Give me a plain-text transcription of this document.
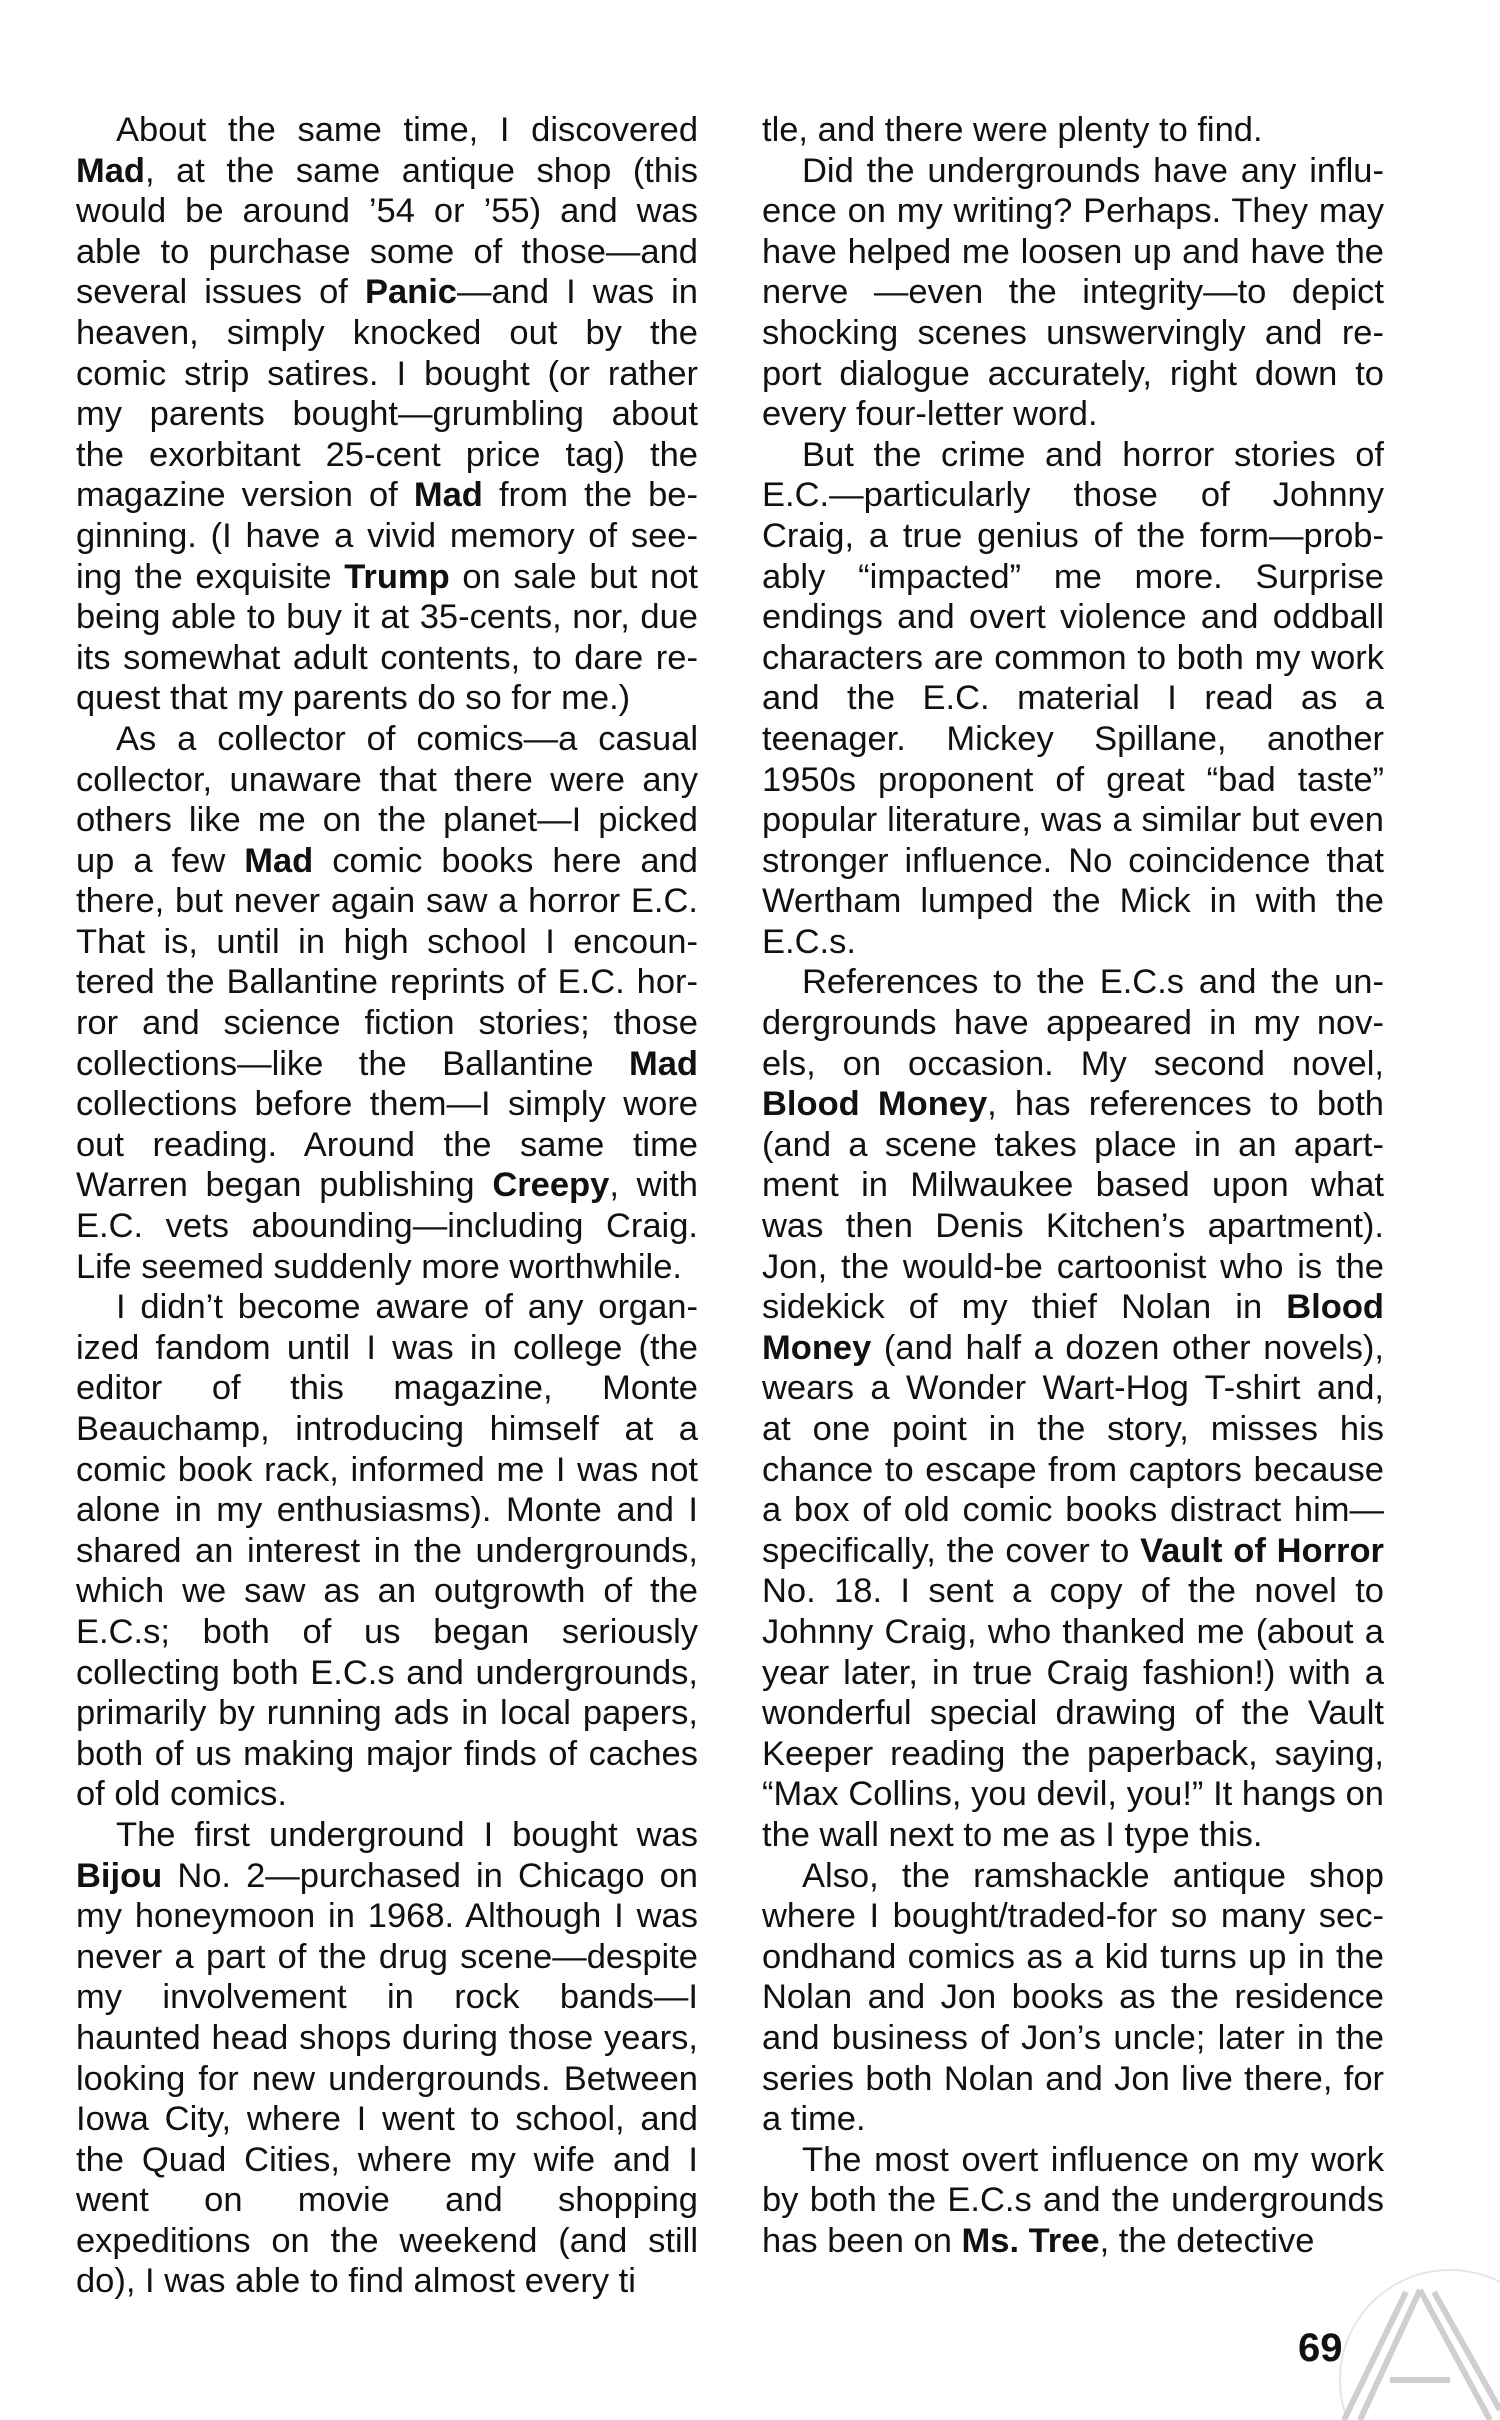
About the same time, I discovered Mad, at the same antique shop (this would be around ’54 or ’55) and was able to purchase some of those—and several issues of Panic—and I was in heaven, simply knocked out by the comic strip satires. I bought (or rather my parents bought—grumbling about the exorbitant 25-cent price tag) the magazine version of Mad from the beginning. (I have a vivid memory of seeing the exquisite Trump on sale but not being able to buy it at 35-cents, nor, due its somewhat adult contents, to dare request that my parents do so for me.)

As a collector of comics—a casual collector, unaware that there were any others like me on the planet—I picked up a few Mad comic books here and there, but never again saw a horror E.C. That is, until in high school I encountered the Ballantine reprints of E.C. horror and science fiction stories; those collections—like the Ballantine Mad collections before them—I simply wore out reading. Around the same time Warren began publishing Creepy, with E.C. vets abounding—including Craig. Life seemed suddenly more worthwhile.

I didn’t become aware of any organized fandom until I was in college (the editor of this magazine, Monte Beauchamp, introducing himself at a comic book rack, informed me I was not alone in my enthusiasms). Monte and I shared an interest in the undergrounds, which we saw as an outgrowth of the E.C.s; both of us began seriously collecting both E.C.s and undergrounds, primarily by running ads in local papers, both of us making major finds of caches of old comics.

The first underground I bought was Bijou No. 2—purchased in Chicago on my honeymoon in 1968. Although I was never a part of the drug scene—despite my involvement in rock bands—I haunted head shops during those years, looking for new undergrounds. Between Iowa City, where I went to school, and the Quad Cities, where my wife and I went on movie and shopping expeditions on the weekend (and still do), I was able to find almost every ti

tle, and there were plenty to find.

Did the undergrounds have any influence on my writing? Perhaps. They may have helped me loosen up and have the nerve —even the integrity—to depict shocking scenes unswervingly and report dialogue accurately, right down to every four-letter word.

But the crime and horror stories of E.C.—particularly those of Johnny Craig, a true genius of the form—probably “impacted” me more. Surprise endings and overt violence and oddball characters are common to both my work and the E.C. material I read as a teenager. Mickey Spillane, another 1950s proponent of great “bad taste” popular literature, was a similar but even stronger influence. No coincidence that Wertham lumped the Mick in with the E.C.s.

References to the E.C.s and the undergrounds have appeared in my novels, on occasion. My second novel, Blood Money, has references to both (and a scene takes place in an apartment in Milwaukee based upon what was then Denis Kitchen’s apartment). Jon, the would-be cartoonist who is the sidekick of my thief Nolan in Blood Money (and half a dozen other novels), wears a Wonder Wart-Hog T-shirt and, at one point in the story, misses his chance to escape from captors because a box of old comic books distract him—specifically, the cover to Vault of Horror No. 18. I sent a copy of the novel to Johnny Craig, who thanked me (about a year later, in true Craig fashion!) with a wonderful special drawing of the Vault Keeper reading the paperback, saying, “Max Collins, you devil, you!” It hangs on the wall next to me as I type this.

Also, the ramshackle antique shop where I bought/traded-for so many secondhand comics as a kid turns up in the Nolan and Jon books as the residence and business of Jon’s uncle; later in the series both Nolan and Jon live there, for a time.

The most overt influence on my work by both the E.C.s and the undergrounds has been on Ms. Tree, the detective

69
